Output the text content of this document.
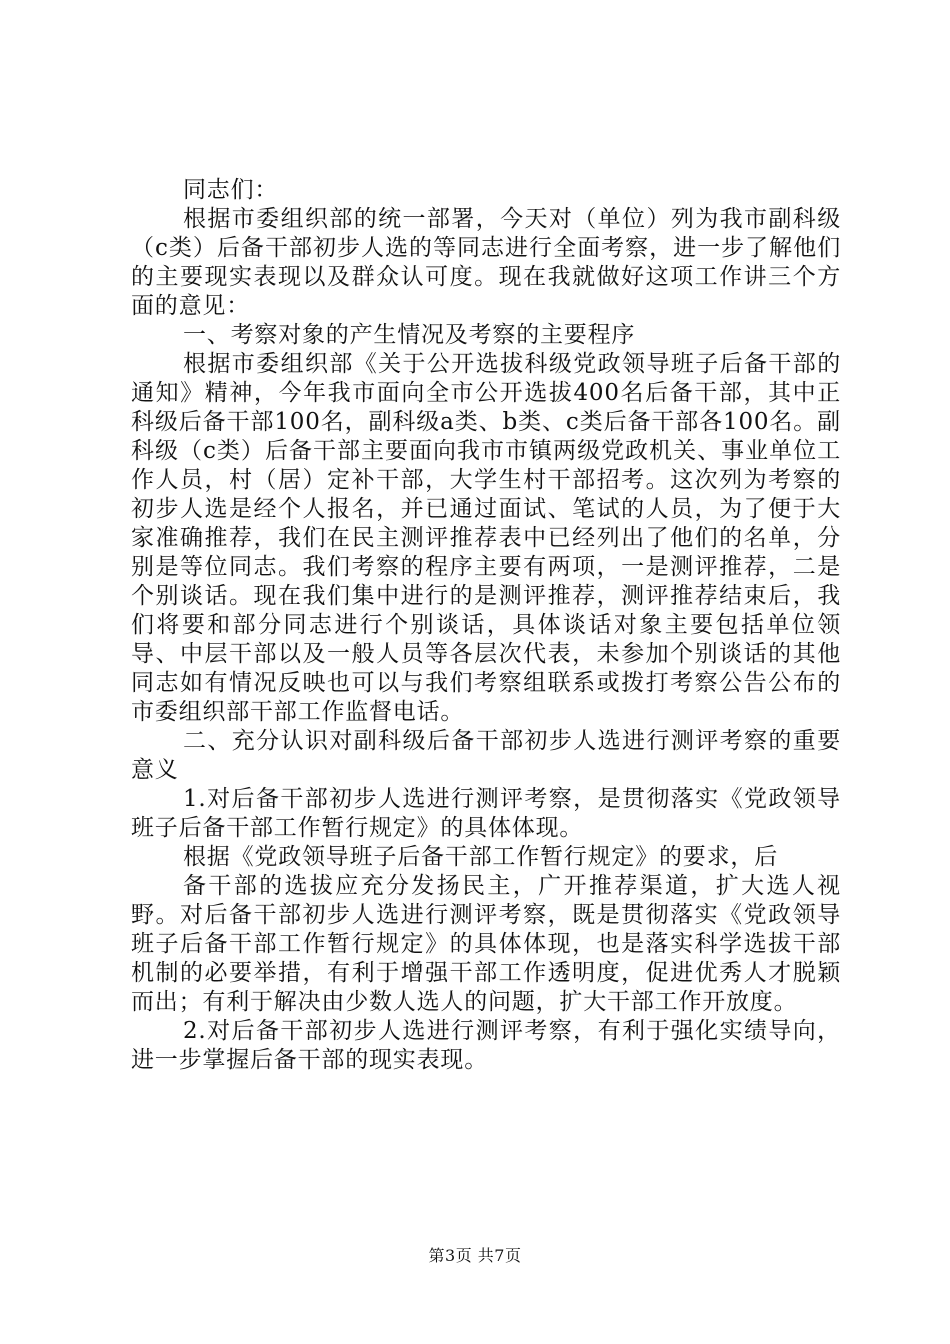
同志们：

根据市委组织部的统一部署，今天对（单位）列为我市副科级（c类）后备干部初步人选的等同志进行全面考察，进一步了解他们的主要现实表现以及群众认可度。现在我就做好这项工作讲三个方面的意见：

一、考察对象的产生情况及考察的主要程序

根据市委组织部《关于公开选拔科级党政领导班子后备干部的通知》精神，今年我市面向全市公开选拔400名后备干部，其中正科级后备干部100名，副科级a类、b类、c类后备干部各100名。副科级（c类）后备干部主要面向我市市镇两级党政机关、事业单位工作人员，村（居）定补干部，大学生村干部招考。这次列为考察的初步人选是经个人报名，并已通过面试、笔试的人员，为了便于大家准确推荐，我们在民主测评推荐表中已经列出了他们的名单，分别是等位同志。我们考察的程序主要有两项，一是测评推荐，二是个别谈话。现在我们集中进行的是测评推荐，测评推荐结束后，我们将要和部分同志进行个别谈话，具体谈话对象主要包括单位领导、中层干部以及一般人员等各层次代表，未参加个别谈话的其他同志如有情况反映也可以与我们考察组联系或拨打考察公告公布的市委组织部干部工作监督电话。

二、充分认识对副科级后备干部初步人选进行测评考察的重要意义

1.对后备干部初步人选进行测评考察，是贯彻落实《党政领导班子后备干部工作暂行规定》的具体体现。

根据《党政领导班子后备干部工作暂行规定》的要求，后

备干部的选拔应充分发扬民主，广开推荐渠道，扩大选人视野。对后备干部初步人选进行测评考察，既是贯彻落实《党政领导班子后备干部工作暂行规定》的具体体现，也是落实科学选拔干部机制的必要举措，有利于增强干部工作透明度，促进优秀人才脱颖而出；有利于解决由少数人选人的问题，扩大干部工作开放度。

2.对后备干部初步人选进行测评考察，有利于强化实绩导向，进一步掌握后备干部的现实表现。

第3页 共7页
